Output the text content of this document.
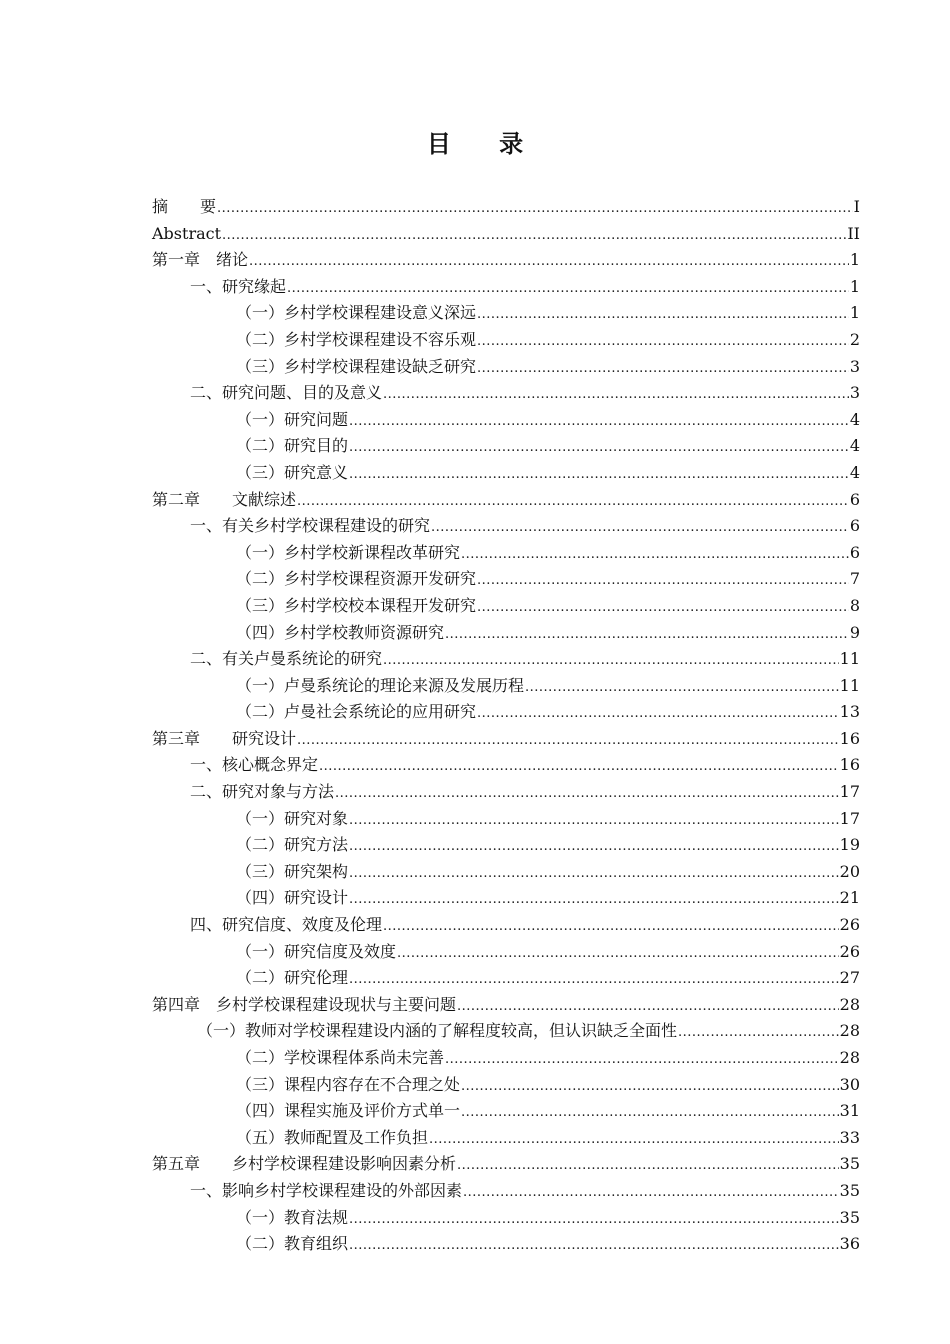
目 录
摘　　要 .....	I
Abstract .....	II
第一章　绪论 .....	1
一、研究缘起 .....	1
（一）乡村学校课程建设意义深远 .....	1
（二）乡村学校课程建设不容乐观 .....	2
（三）乡村学校课程建设缺乏研究 .....	3
二、研究问题、目的及意义 .....	3
（一）研究问题 .....	4
（二）研究目的 .....	4
（三）研究意义 .....	4
第二章　　文献综述 .....	6
一、有关乡村学校课程建设的研究 .....	6
（一）乡村学校新课程改革研究 .....	6
（二）乡村学校课程资源开发研究 .....	7
（三）乡村学校校本课程开发研究 .....	8
（四）乡村学校教师资源研究 .....	9
二、有关卢曼系统论的研究 .....	11
（一）卢曼系统论的理论来源及发展历程 .....	11
（二）卢曼社会系统论的应用研究 .....	13
第三章　　研究设计 .....	16
一、核心概念界定 .....	16
二、研究对象与方法 .....	17
（一）研究对象 .....	17
（二）研究方法 .....	19
（三）研究架构 .....	20
（四）研究设计 .....	21
四、研究信度、效度及伦理 .....	26
（一）研究信度及效度 .....	26
（二）研究伦理 .....	27
第四章　乡村学校课程建设现状与主要问题 .....	28
（一）教师对学校课程建设内涵的了解程度较高，但认识缺乏全面性 .....	28
（二）学校课程体系尚未完善 .....	28
（三）课程内容存在不合理之处 .....	30
（四）课程实施及评价方式单一 .....	31
（五）教师配置及工作负担 .....	33
第五章　　乡村学校课程建设影响因素分析 .....	35
一、影响乡村学校课程建设的外部因素 .....	35
（一）教育法规 .....	35
（二）教育组织 .....	36
